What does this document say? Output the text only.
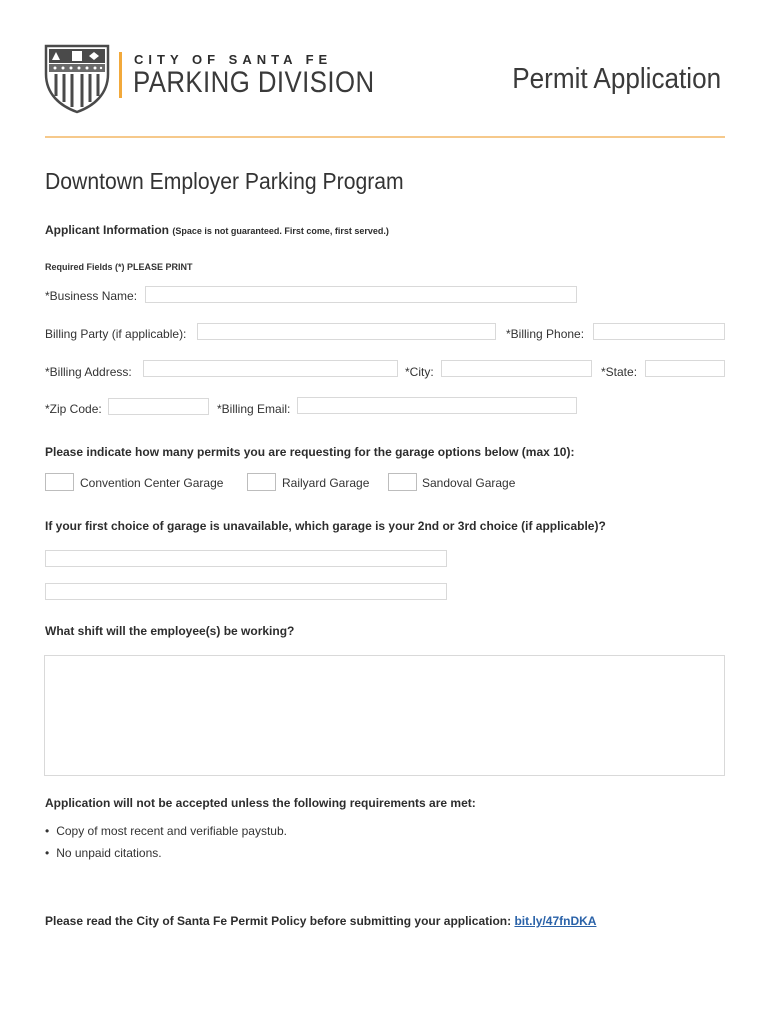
CITY OF SANTA FE
PARKING DIVISION	Permit Application
Downtown Employer Parking Program
Applicant Information (Space is not guaranteed. First come, first served.)
Required Fields (*) PLEASE PRINT
*Business Name:
Billing Party (if applicable):	*Billing Phone:
*Billing Address:	*City:	*State:
*Zip Code:	*Billing Email:
Please indicate how many permits you are requesting for the garage options below (max 10):
Convention Center Garage	Railyard Garage	Sandoval Garage
If your first choice of garage is unavailable, which garage is your 2nd or 3rd choice (if applicable)?
What shift will the employee(s) be working?
Application will not be accepted unless the following requirements are met:
• Copy of most recent and verifiable paystub.
• No unpaid citations.
Please read the City of Santa Fe Permit Policy before submitting your application: bit.ly/47fnDKA
